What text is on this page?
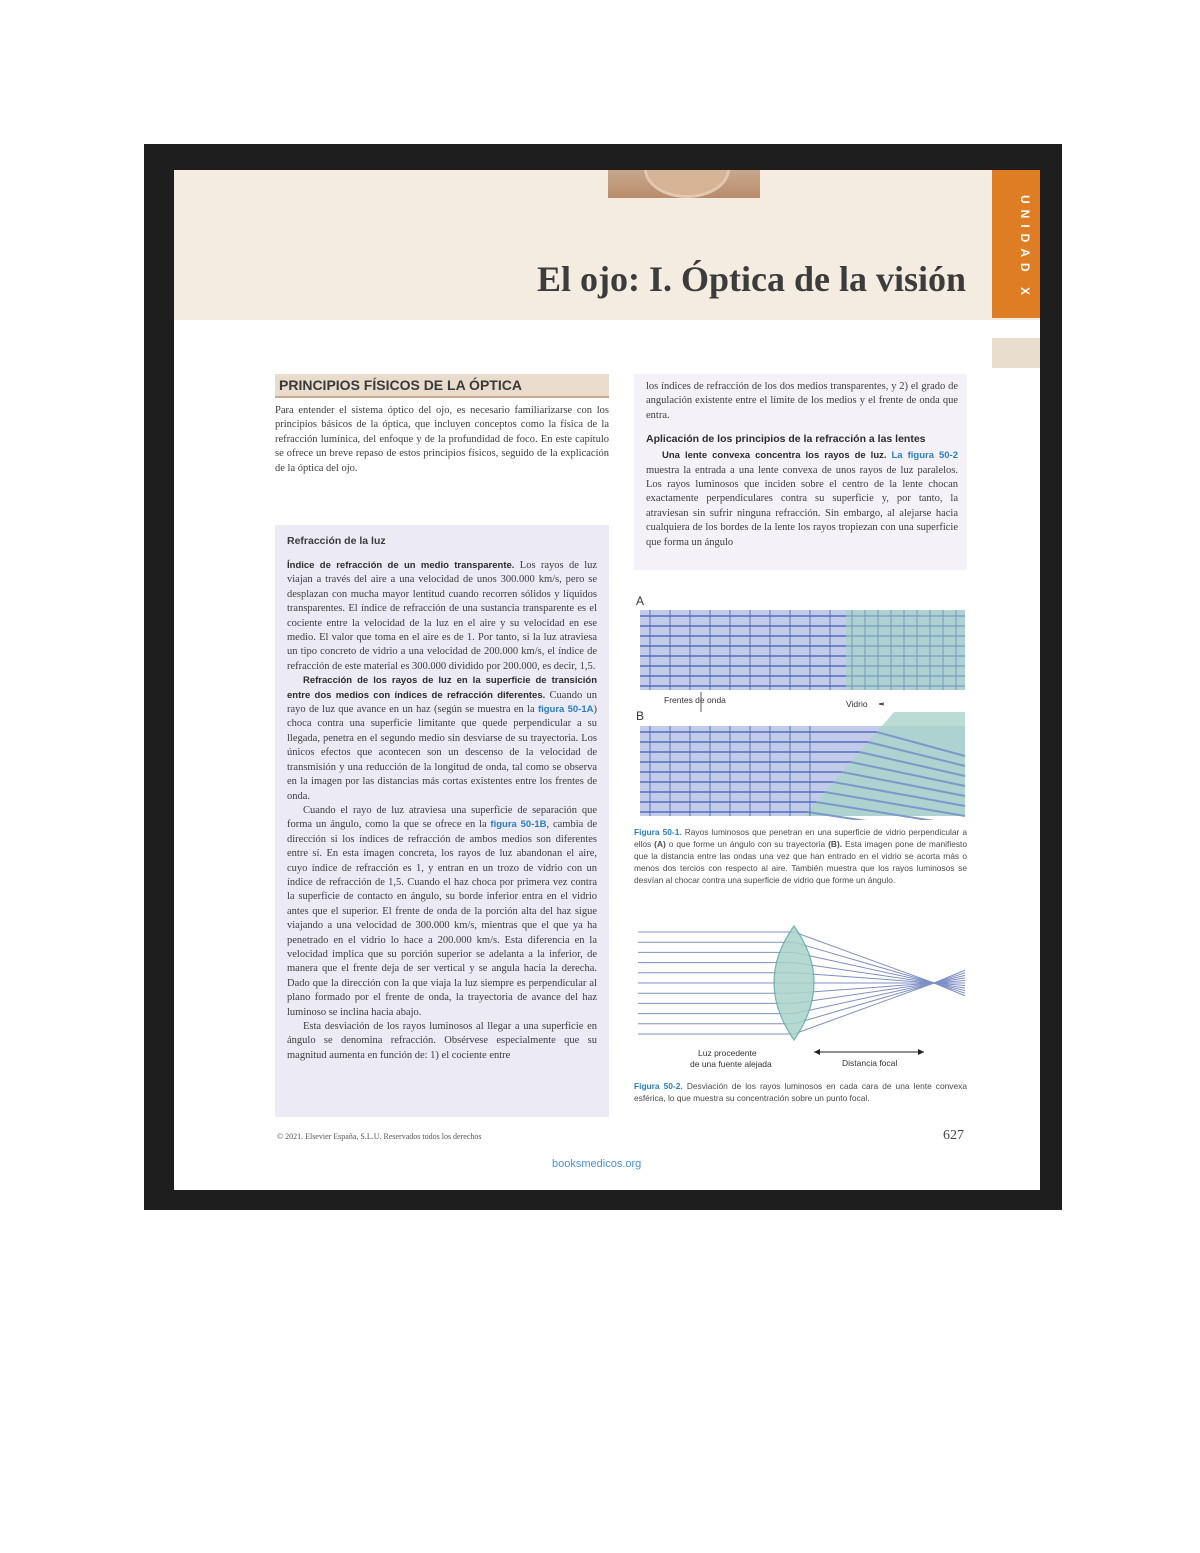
El ojo: I. Óptica de la visión	UNIDAD X
PRINCIPIOS FÍSICOS DE LA ÓPTICA

Para entender el sistema óptico del ojo, es necesario familiarizarse con los principios básicos de la óptica, que incluyen conceptos como la física de la refracción lumínica, del enfoque y de la profundidad de foco. En este capítulo se ofrece un breve repaso de estos principios físicos, seguido de la explicación de la óptica del ojo.

Refracción de la luz

Índice de refracción de un medio transparente. Los rayos de luz viajan a través del aire a una velocidad de unos 300.000 km/s, pero se desplazan con mucha mayor lentitud cuando recorren sólidos y líquidos transparentes. El índice de refracción de una sustancia transparente es el cociente entre la velocidad de la luz en el aire y su velocidad en ese medio. El valor que toma en el aire es de 1. Por tanto, si la luz atraviesa un tipo concreto de vidrio a una velocidad de 200.000 km/s, el índice de refracción de este material es 300.000 dividido por 200.000, es decir, 1,5.

Refracción de los rayos de luz en la superficie de transición entre dos medios con índices de refracción diferentes. Cuando un rayo de luz que avance en un haz (según se muestra en la figura 50-1A) choca contra una superficie limitante que quede perpendicular a su llegada, penetra en el segundo medio sin desviarse de su trayectoria. Los únicos efectos que acontecen son un descenso de la velocidad de transmisión y una reducción de la longitud de onda, tal como se observa en la imagen por las distancias más cortas existentes entre los frentes de onda.

Cuando el rayo de luz atraviesa una superficie de separación que forma un ángulo, como la que se ofrece en la figura 50-1B, cambia de dirección si los índices de refracción de ambos medios son diferentes entre sí. En esta imagen concreta, los rayos de luz abandonan el aire, cuyo índice de refracción es 1, y entran en un trozo de vidrio con un índice de refracción de 1,5. Cuando el haz choca por primera vez contra la superficie de contacto en ángulo, su borde inferior entra en el vidrio antes que el superior. El frente de onda de la porción alta del haz sigue viajando a una velocidad de 300.000 km/s, mientras que el que ya ha penetrado en el vidrio lo hace a 200.000 km/s. Esta diferencia en la velocidad implica que su porción superior se adelanta a la inferior, de manera que el frente deja de ser vertical y se angula hacia la derecha. Dado que la dirección con la que viaja la luz siempre es perpendicular al plano formado por el frente de onda, la trayectoria de avance del haz luminoso se inclina hacia abajo.

Esta desviación de los rayos luminosos al llegar a una superficie en ángulo se denomina refracción. Obsérvese especialmente que su magnitud aumenta en función de: 1) el cociente entre

los índices de refracción de los dos medios transparentes, y 2) el grado de angulación existente entre el límite de los medios y el frente de onda que entra.

Aplicación de los principios de la refracción a las lentes

Una lente convexa concentra los rayos de luz. La figura 50-2 muestra la entrada a una lente convexa de unos rayos de luz paralelos. Los rayos luminosos que inciden sobre el centro de la lente chocan exactamente perpendiculares contra su superficie y, por tanto, la atraviesan sin sufrir ninguna refracción. Sin embargo, al alejarse hacia cualquiera de los bordes de la lente los rayos tropiezan con una superficie que forma un ángulo

A
Frentes de onda	Vidrio
B
Figura 50-1. Rayos luminosos que penetran en una superficie de vidrio perpendicular a ellos (A) o que forme un ángulo con su trayectoria (B). Esta imagen pone de manifiesto que la distancia entre las ondas una vez que han entrado en el vidrio se acorta más o menos dos tercios con respecto al aire. También muestra que los rayos luminosos se desvían al chocar contra una superficie de vidrio que forme un ángulo.
Luz procedente
de una fuente alejada	Distancia focal
Figura 50-2. Desviación de los rayos luminosos en cada cara de una lente convexa esférica, lo que muestra su concentración sobre un punto focal.
© 2021. Elsevier España, S.L.U. Reservados todos los derechos	627
booksmedicos.org
